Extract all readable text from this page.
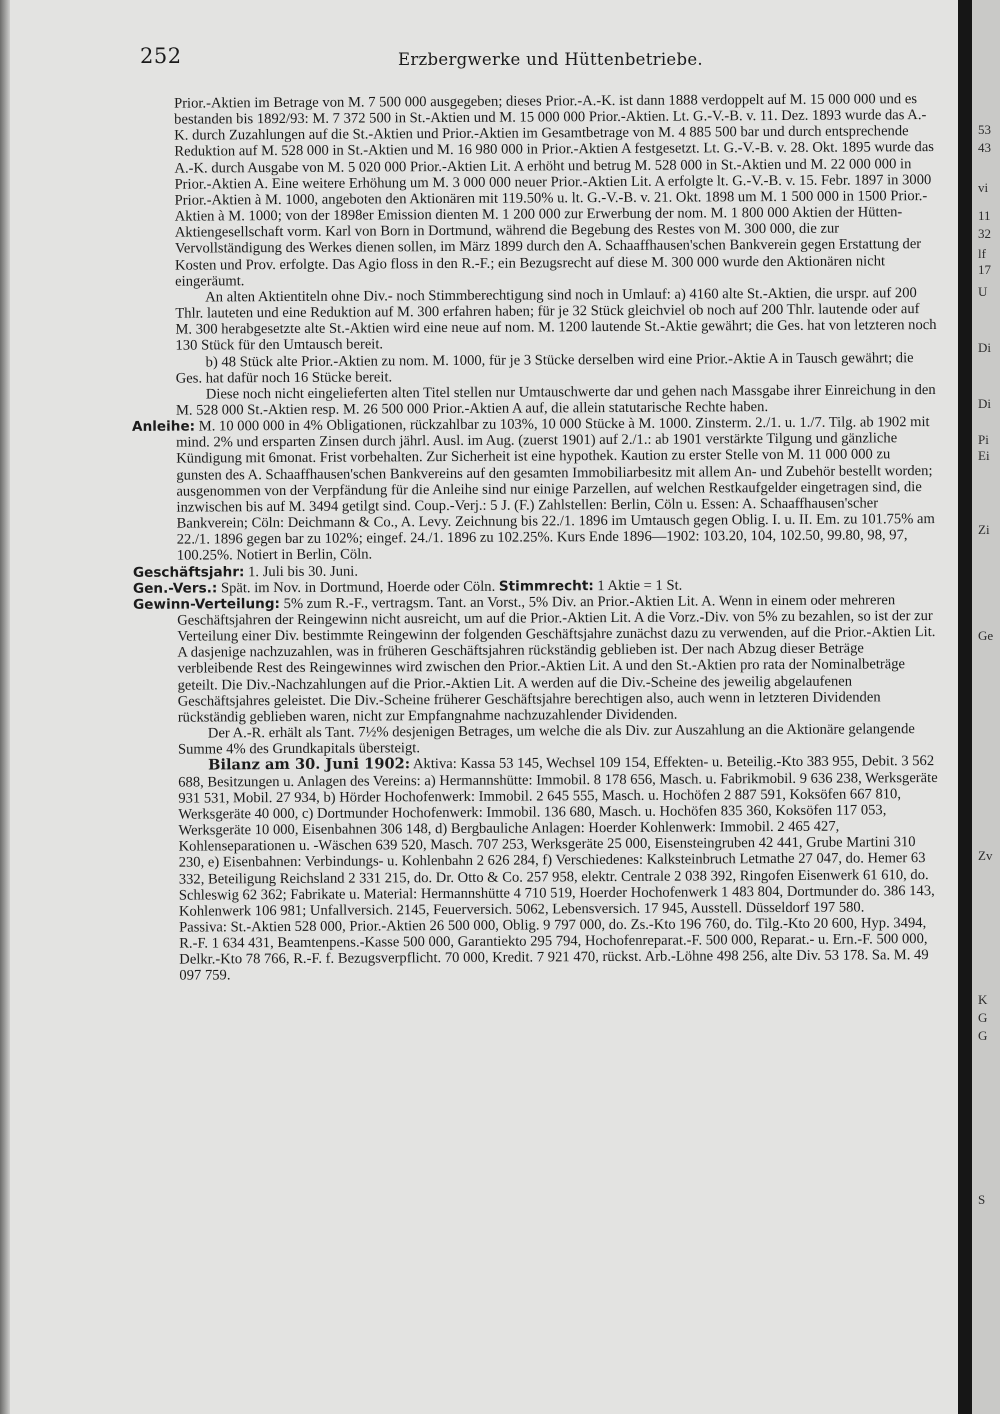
252	Erzbergwerke und Hüttenbetriebe.

Prior.-Aktien im Betrage von M. 7 500 000 ausgegeben; dieses Prior.-A.-K. ist dann 1888 verdoppelt auf M. 15 000 000 und es bestanden bis 1892/93: M. 7 372 500 in St.-Aktien und M. 15 000 000 Prior.-Aktien. Lt. G.-V.-B. v. 11. Dez. 1893 wurde das A.-K. durch Zuzahlungen auf die St.-Aktien und Prior.-Aktien im Gesamtbetrage von M. 4 885 500 bar und durch entsprechende Reduktion auf M. 528 000 in St.-Aktien und M. 16 980 000 in Prior.-Aktien A festgesetzt. Lt. G.-V.-B. v. 28. Okt. 1895 wurde das A.-K. durch Ausgabe von M. 5 020 000 Prior.-Aktien Lit. A erhöht und betrug M. 528 000 in St.-Aktien und M. 22 000 000 in Prior.-Aktien A. Eine weitere Erhöhung um M. 3 000 000 neuer Prior.-Aktien Lit. A erfolgte lt. G.-V.-B. v. 15. Febr. 1897 in 3000 Prior.-Aktien à M. 1000, angeboten den Aktionären mit 119.50% u. lt. G.-V.-B. v. 21. Okt. 1898 um M. 1 500 000 in 1500 Prior.-Aktien à M. 1000; von der 1898er Emission dienten M. 1 200 000 zur Erwerbung der nom. M. 1 800 000 Aktien der Hütten-Aktiengesellschaft vorm. Karl von Born in Dortmund, während die Begebung des Restes von M. 300 000, die zur Vervollständigung des Werkes dienen sollen, im März 1899 durch den A. Schaaffhausen'schen Bankverein gegen Erstattung der Kosten und Prov. erfolgte. Das Agio floss in den R.-F.; ein Bezugsrecht auf diese M. 300 000 wurde den Aktionären nicht eingeräumt.

An alten Aktientiteln ohne Div.- noch Stimmberechtigung sind noch in Umlauf: a) 4160 alte St.-Aktien, die urspr. auf 200 Thlr. lauteten und eine Reduktion auf M. 300 erfahren haben; für je 32 Stück gleichviel ob noch auf 200 Thlr. lautende oder auf M. 300 herabgesetzte alte St.-Aktien wird eine neue auf nom. M. 1200 lautende St.-Aktie gewährt; die Ges. hat von letzteren noch 130 Stück für den Umtausch bereit.

b) 48 Stück alte Prior.-Aktien zu nom. M. 1000, für je 3 Stücke derselben wird eine Prior.-Aktie A in Tausch gewährt; die Ges. hat dafür noch 16 Stücke bereit.

Diese noch nicht eingelieferten alten Titel stellen nur Umtauschwerte dar und gehen nach Massgabe ihrer Einreichung in den M. 528 000 St.-Aktien resp. M. 26 500 000 Prior.-Aktien A auf, die allein statutarische Rechte haben.

Anleihe: M. 10 000 000 in 4% Obligationen, rückzahlbar zu 103%, 10 000 Stücke à M. 1000. Zinsterm. 2./1. u. 1./7. Tilg. ab 1902 mit mind. 2% und ersparten Zinsen durch jährl. Ausl. im Aug. (zuerst 1901) auf 2./1.: ab 1901 verstärkte Tilgung und gänzliche Kündigung mit 6monat. Frist vorbehalten. Zur Sicherheit ist eine hypothek. Kaution zu erster Stelle von M. 11 000 000 zu gunsten des A. Schaaffhausen'schen Bankvereins auf den gesamten Immobiliarbesitz mit allem An- und Zubehör bestellt worden; ausgenommen von der Verpfändung für die Anleihe sind nur einige Parzellen, auf welchen Restkaufgelder eingetragen sind, die inzwischen bis auf M. 3494 getilgt sind. Coup.-Verj.: 5 J. (F.) Zahlstellen: Berlin, Cöln u. Essen: A. Schaaffhausen'scher Bankverein; Cöln: Deichmann & Co., A. Levy. Zeichnung bis 22./1. 1896 im Umtausch gegen Oblig. I. u. II. Em. zu 101.75% am 22./1. 1896 gegen bar zu 102%; eingef. 24./1. 1896 zu 102.25%. Kurs Ende 1896—1902: 103.20, 104, 102.50, 99.80, 98, 97, 100.25%. Notiert in Berlin, Cöln.

Geschäftsjahr: 1. Juli bis 30. Juni.

Gen.-Vers.: Spät. im Nov. in Dortmund, Hoerde oder Cöln. Stimmrecht: 1 Aktie = 1 St.

Gewinn-Verteilung: 5% zum R.-F., vertragsm. Tant. an Vorst., 5% Div. an Prior.-Aktien Lit. A. Wenn in einem oder mehreren Geschäftsjahren der Reingewinn nicht ausreicht, um auf die Prior.-Aktien Lit. A die Vorz.-Div. von 5% zu bezahlen, so ist der zur Verteilung einer Div. bestimmte Reingewinn der folgenden Geschäftsjahre zunächst dazu zu verwenden, auf die Prior.-Aktien Lit. A dasjenige nachzuzahlen, was in früheren Geschäftsjahren rückständig geblieben ist. Der nach Abzug dieser Beträge verbleibende Rest des Reingewinnes wird zwischen den Prior.-Aktien Lit. A und den St.-Aktien pro rata der Nominalbeträge geteilt. Die Div.-Nachzahlungen auf die Prior.-Aktien Lit. A werden auf die Div.-Scheine des jeweilig abgelaufenen Geschäftsjahres geleistet. Die Div.-Scheine früherer Geschäftsjahre berechtigen also, auch wenn in letzteren Dividenden rückständig geblieben waren, nicht zur Empfangnahme nachzuzahlender Dividenden.

Der A.-R. erhält als Tant. 7½% desjenigen Betrages, um welche die als Div. zur Auszahlung an die Aktionäre gelangende Summe 4% des Grundkapitals übersteigt.

Bilanz am 30. Juni 1902: Aktiva: Kassa 53 145, Wechsel 109 154, Effekten- u. Beteilig.-Kto 383 955, Debit. 3 562 688, Besitzungen u. Anlagen des Vereins: a) Hermannshütte: Immobil. 8 178 656, Masch. u. Fabrikmobil. 9 636 238, Werksgeräte 931 531, Mobil. 27 934, b) Hörder Hochofenwerk: Immobil. 2 645 555, Masch. u. Hochöfen 2 887 591, Koksöfen 667 810, Werksgeräte 40 000, c) Dortmunder Hochofenwerk: Immobil. 136 680, Masch. u. Hochöfen 835 360, Koksöfen 117 053, Werksgeräte 10 000, Eisenbahnen 306 148, d) Bergbauliche Anlagen: Hoerder Kohlenwerk: Immobil. 2 465 427, Kohlenseparationen u. -Wäschen 639 520, Masch. 707 253, Werksgeräte 25 000, Eisensteingruben 42 441, Grube Martini 310 230, e) Eisenbahnen: Verbindungs- u. Kohlenbahn 2 626 284, f) Verschiedenes: Kalksteinbruch Letmathe 27 047, do. Hemer 63 332, Beteiligung Reichsland 2 331 215, do. Dr. Otto & Co. 257 958, elektr. Centrale 2 038 392, Ringofen Eisenwerk 61 610, do. Schleswig 62 362; Fabrikate u. Material: Hermannshütte 4 710 519, Hoerder Hochofenwerk 1 483 804, Dortmunder do. 386 143, Kohlenwerk 106 981; Unfallversich. 2145, Feuerversich. 5062, Lebensversich. 17 945, Ausstell. Düsseldorf 197 580.

Passiva: St.-Aktien 528 000, Prior.-Aktien 26 500 000, Oblig. 9 797 000, do. Zs.-Kto 196 760, do. Tilg.-Kto 20 600, Hyp. 3494, R.-F. 1 634 431, Beamtenpens.-Kasse 500 000, Garantiekto 295 794, Hochofenreparat.-F. 500 000, Reparat.- u. Ern.-F. 500 000, Delkr.-Kto 78 766, R.-F. f. Bezugsverpflicht. 70 000, Kredit. 7 921 470, rückst. Arb.-Löhne 498 256, alte Div. 53 178. Sa. M. 49 097 759.

53
43
vi
11
32
lf
17
U
Di
Di
Pi
Ei
Zi
Ge
Zv
K
G
G
S
